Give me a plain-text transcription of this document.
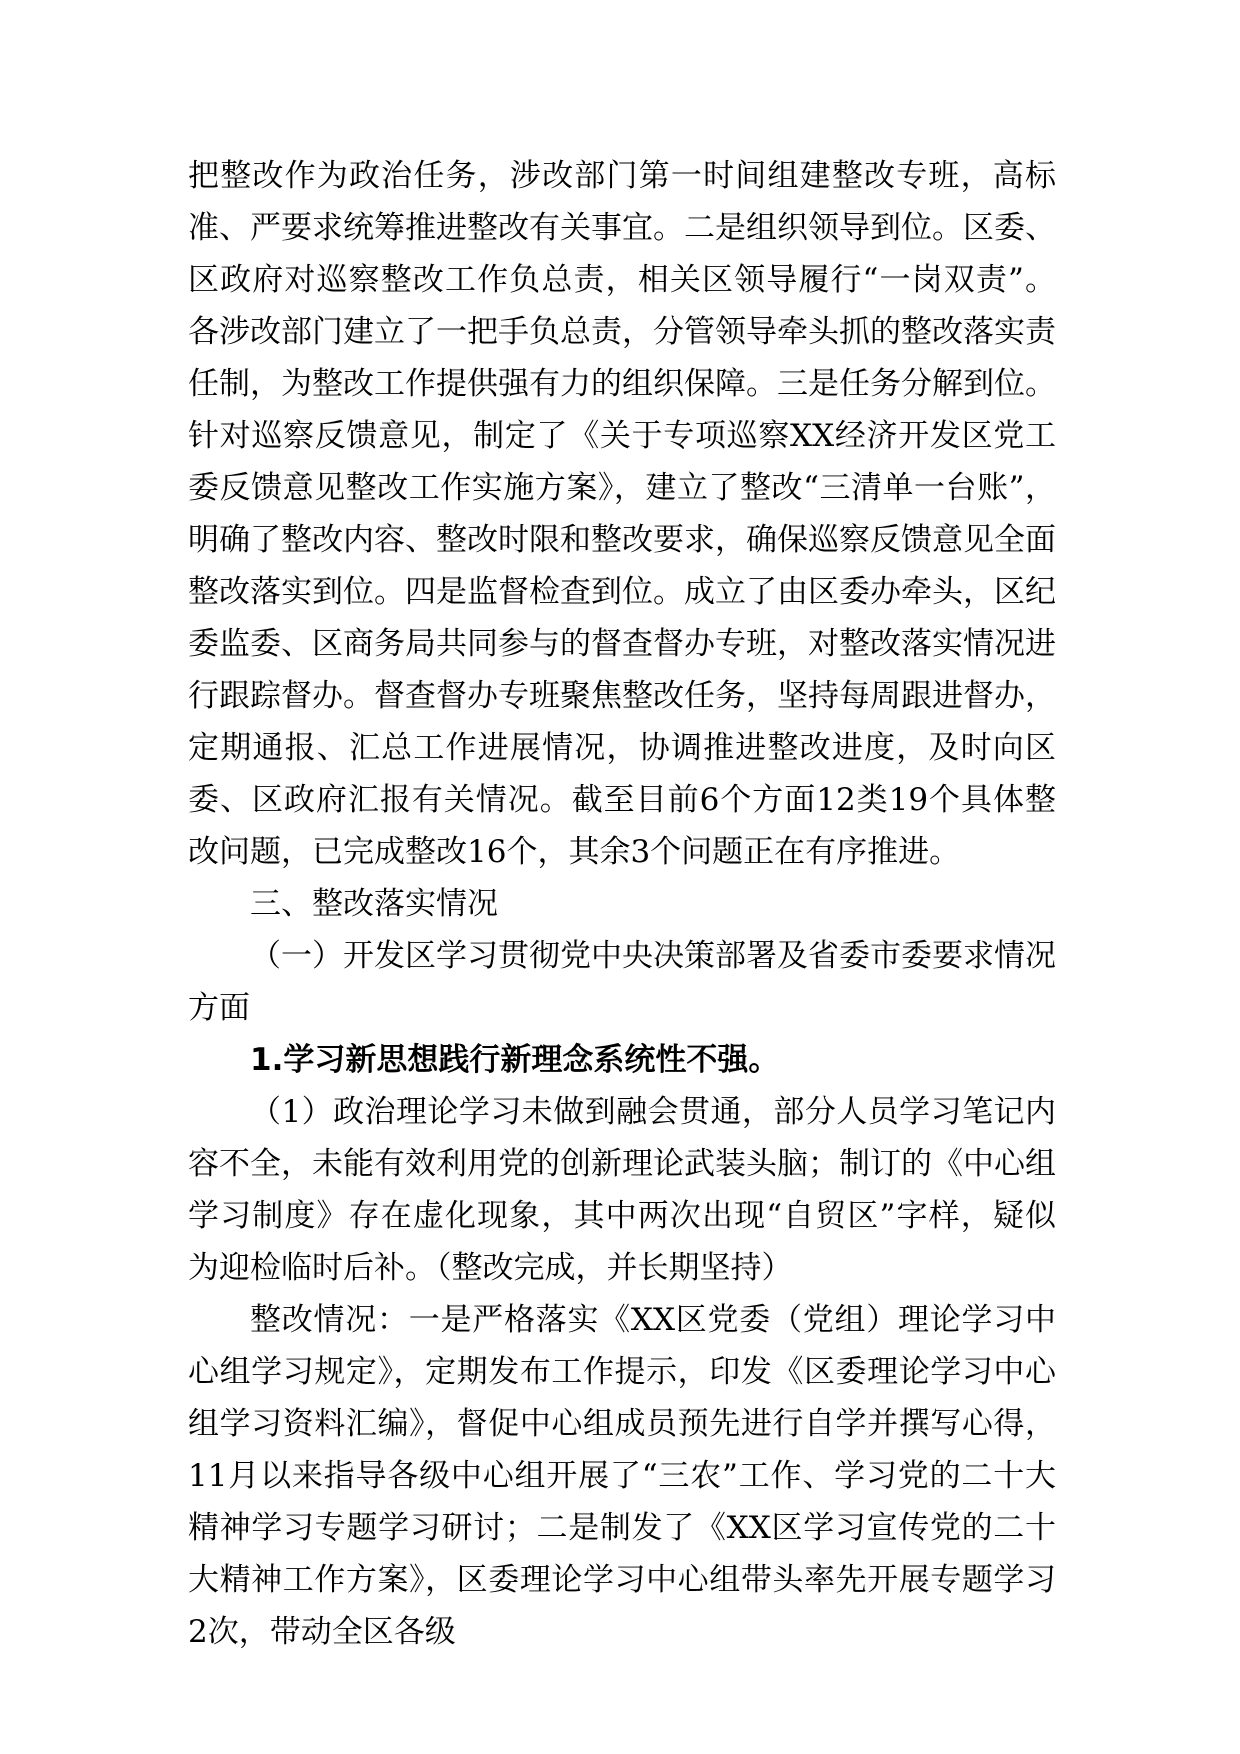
把整改作为政治任务，涉改部门第一时间组建整改专班，高标准、严要求统筹推进整改有关事宜。二是组织领导到位。区委、区政府对巡察整改工作负总责，相关区领导履行“一岗双责”。各涉改部门建立了一把手负总责，分管领导牵头抓的整改落实责任制，为整改工作提供强有力的组织保障。三是任务分解到位。针对巡察反馈意见，制定了《关于专项巡察XX经济开发区党工委反馈意见整改工作实施方案》，建立了整改“三清单一台账”，明确了整改内容、整改时限和整改要求，确保巡察反馈意见全面整改落实到位。四是监督检查到位。成立了由区委办牵头，区纪委监委、区商务局共同参与的督查督办专班，对整改落实情况进行跟踪督办。督查督办专班聚焦整改任务，坚持每周跟进督办，定期通报、汇总工作进展情况，协调推进整改进度，及时向区委、区政府汇报有关情况。截至目前6个方面12类19个具体整改问题，已完成整改16个，其余3个问题正在有序推进。

三、整改落实情况

（一）开发区学习贯彻党中央决策部署及省委市委要求情况方面

1.学习新思想践行新理念系统性不强。

（1）政治理论学习未做到融会贯通，部分人员学习笔记内容不全，未能有效利用党的创新理论武装头脑；制订的《中心组学习制度》存在虚化现象，其中两次出现“自贸区”字样，疑似为迎检临时后补。（整改完成，并长期坚持）

整改情况：一是严格落实《XX区党委（党组）理论学习中心组学习规定》，定期发布工作提示，印发《区委理论学习中心组学习资料汇编》，督促中心组成员预先进行自学并撰写心得，11月以来指导各级中心组开展了“三农”工作、学习党的二十大精神学习专题学习研讨；二是制发了《XX区学习宣传党的二十大精神工作方案》，区委理论学习中心组带头率先开展专题学习2次，带动全区各级
